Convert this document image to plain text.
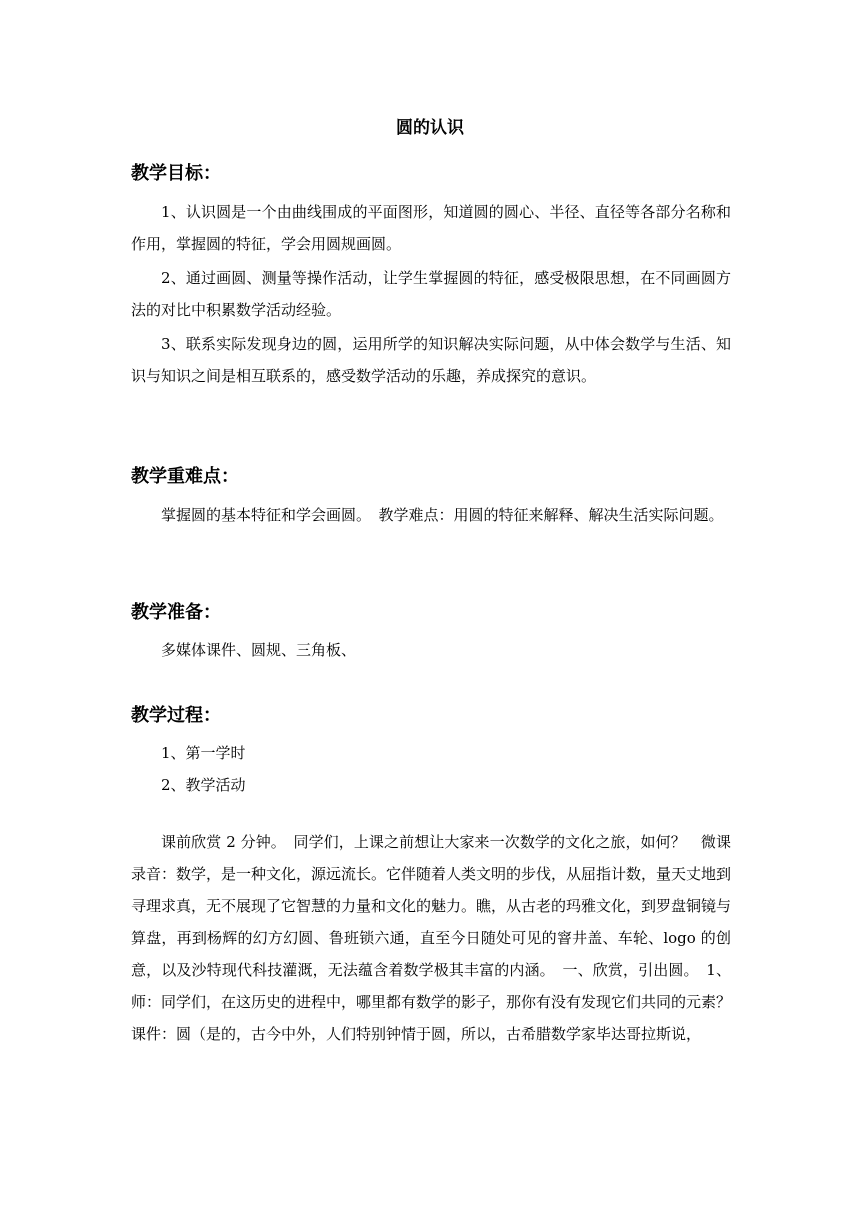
圆的认识
教学目标：

1、认识圆是一个由曲线围成的平面图形，知道圆的圆心、半径、直径等各部分名称和作用，掌握圆的特征，学会用圆规画圆。

2、通过画圆、测量等操作活动，让学生掌握圆的特征，感受极限思想，在不同画圆方法的对比中积累数学活动经验。

3、联系实际发现身边的圆，运用所学的知识解决实际问题，从中体会数学与生活、知识与知识之间是相互联系的，感受数学活动的乐趣，养成探究的意识。

教学重难点：

掌握圆的基本特征和学会画圆。　教学难点：用圆的特征来解释、解决生活实际问题。

教学准备：
多媒体课件、圆规、三角板、
教学过程：
1、第一学时
2、教学活动

课前欣赏 2 分钟。　同学们，上课之前想让大家来一次数学的文化之旅，如何？　微课录音：数学，是一种文化，源远流长。它伴随着人类文明的步伐，从屈指计数，量天丈地到寻理求真，无不展现了它智慧的力量和文化的魅力。瞧，从古老的玛雅文化，到罗盘铜镜与算盘，再到杨辉的幻方幻圆、鲁班锁六通，直至今日随处可见的窨井盖、车轮、logo 的创意，以及沙特现代科技灌溉，无法蕴含着数学极其丰富的内涵。　一、欣赏，引出圆。　1、师：同学们，在这历史的进程中，哪里都有数学的影子，那你有没有发现它们共同的元素？　课件：圆（是的，古今中外，人们特别钟情于圆，所以，古希腊数学家毕达哥拉斯说，
